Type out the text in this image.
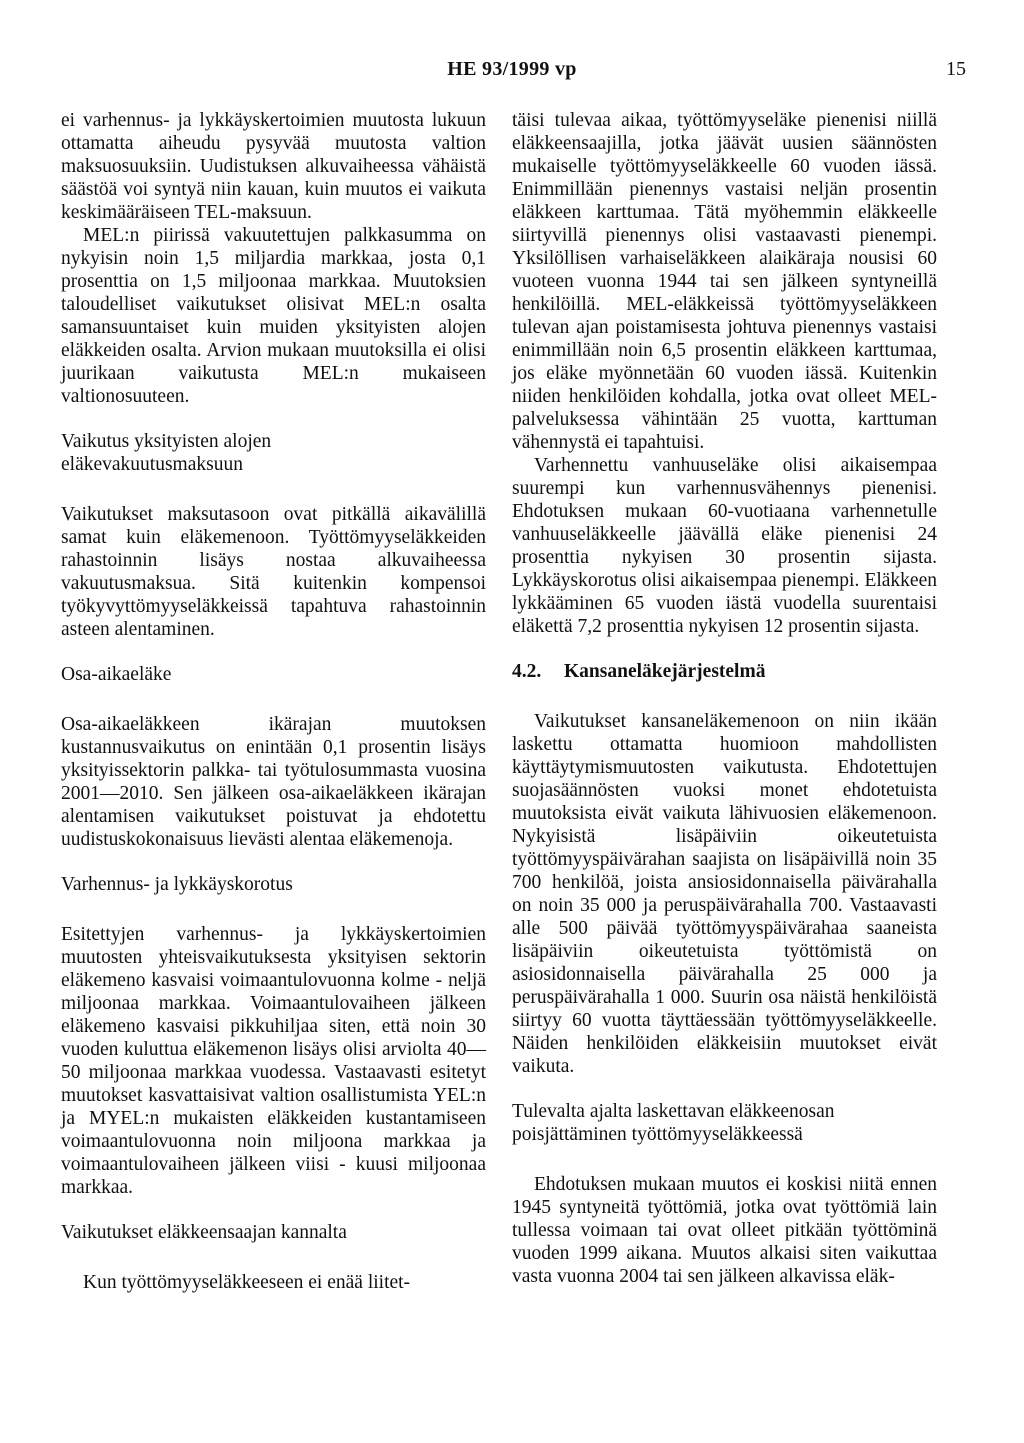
HE 93/1999 vp	15

ei varhennus- ja lykkäyskertoimien muutosta lukuun ottamatta aiheudu pysyvää muutosta valtion maksuosuuksiin. Uudistuksen alkuvaiheessa vähäistä säästöä voi syntyä niin kauan, kuin muutos ei vaikuta keskimääräiseen TEL-maksuun.

MEL:n piirissä vakuutettujen palkkasumma on nykyisin noin 1,5 miljardia markkaa, josta 0,1 prosenttia on 1,5 miljoonaa markkaa. Muutoksien taloudelliset vaikutukset olisivat MEL:n osalta samansuuntaiset kuin muiden yksityisten alojen eläkkeiden osalta. Arvion mukaan muutoksilla ei olisi juurikaan vaikutusta MEL:n mukaiseen valtionosuuteen.

Vaikutus yksityisten alojen
eläkevakuutusmaksuun

Vaikutukset maksutasoon ovat pitkällä aikavälillä samat kuin eläkemenoon. Työttömyyseläkkeiden rahastoinnin lisäys nostaa alkuvaiheessa vakuutusmaksua. Sitä kuitenkin kompensoi työkyvyttömyyseläkkeissä tapahtuva rahastoinnin asteen alentaminen.

Osa-aikaeläke

Osa-aikaeläkkeen ikärajan muutoksen kustannusvaikutus on enintään 0,1 prosentin lisäys yksityissektorin palkka- tai työtulosummasta vuosina 2001—2010. Sen jälkeen osa-aikaeläkkeen ikärajan alentamisen vaikutukset poistuvat ja ehdotettu uudistuskokonaisuus lievästi alentaa eläkemenoja.

Varhennus- ja lykkäyskorotus

Esitettyjen varhennus- ja lykkäyskertoimien muutosten yhteisvaikutuksesta yksityisen sektorin eläkemeno kasvaisi voimaantulovuonna kolme - neljä miljoonaa markkaa. Voimaantulovaiheen jälkeen eläkemeno kasvaisi pikkuhiljaa siten, että noin 30 vuoden kuluttua eläkemenon lisäys olisi arviolta 40—50 miljoonaa markkaa vuodessa. Vastaavasti esitetyt muutokset kasvattaisivat valtion osallistumista YEL:n ja MYEL:n mukaisten eläkkeiden kustantamiseen voimaantulovuonna noin miljoona markkaa ja voimaantulovaiheen jälkeen viisi - kuusi miljoonaa markkaa.

Vaikutukset eläkkeensaajan kannalta

Kun työttömyyseläkkeeseen ei enää liitet-

täisi tulevaa aikaa, työttömyyseläke pienenisi niillä eläkkeensaajilla, jotka jäävät uusien säännösten mukaiselle työttömyyseläkkeelle 60 vuoden iässä. Enimmillään pienennys vastaisi neljän prosentin eläkkeen karttumaa. Tätä myöhemmin eläkkeelle siirtyvillä pienennys olisi vastaavasti pienempi. Yksilöllisen varhaiseläkkeen alaikäraja nousisi 60 vuoteen vuonna 1944 tai sen jälkeen syntyneillä henkilöillä. MEL-eläkkeissä työttömyyseläkkeen tulevan ajan poistamisesta johtuva pienennys vastaisi enimmillään noin 6,5 prosentin eläkkeen karttumaa, jos eläke myönnetään 60 vuoden iässä. Kuitenkin niiden henkilöiden kohdalla, jotka ovat olleet MEL-palveluksessa vähintään 25 vuotta, karttuman vähennystä ei tapahtuisi.

Varhennettu vanhuuseläke olisi aikaisempaa suurempi kun varhennusvähennys pienenisi. Ehdotuksen mukaan 60-vuotiaana varhennetulle vanhuuseläkkeelle jäävällä eläke pienenisi 24 prosenttia nykyisen 30 prosentin sijasta. Lykkäyskorotus olisi aikaisempaa pienempi. Eläkkeen lykkääminen 65 vuoden iästä vuodella suurentaisi eläkettä 7,2 prosenttia nykyisen 12 prosentin sijasta.

4.2. Kansaneläkejärjestelmä

Vaikutukset kansaneläkemenoon on niin ikään laskettu ottamatta huomioon mahdollisten käyttäytymismuutosten vaikutusta. Ehdotettujen suojasäännösten vuoksi monet ehdotetuista muutoksista eivät vaikuta lähivuosien eläkemenoon. Nykyisistä lisäpäiviin oikeutetuista työttömyyspäivärahan saajista on lisäpäivillä noin 35 700 henkilöä, joista ansiosidonnaisella päivärahalla on noin 35 000 ja peruspäivärahalla 700. Vastaavasti alle 500 päivää työttömyyspäivärahaa saaneista lisäpäiviin oikeutetuista työttömistä on asiosidonnaisella päivärahalla 25 000 ja peruspäivärahalla 1 000. Suurin osa näistä henkilöistä siirtyy 60 vuotta täyttäessään työttömyyseläkkeelle. Näiden henkilöiden eläkkeisiin muutokset eivät vaikuta.

Tulevalta ajalta laskettavan eläkkeenosan
poisjättäminen työttömyyseläkkeessä

Ehdotuksen mukaan muutos ei koskisi niitä ennen 1945 syntyneitä työttömiä, jotka ovat työttömiä lain tullessa voimaan tai ovat olleet pitkään työttöminä vuoden 1999 aikana. Muutos alkaisi siten vaikuttaa vasta vuonna 2004 tai sen jälkeen alkavissa eläk-
